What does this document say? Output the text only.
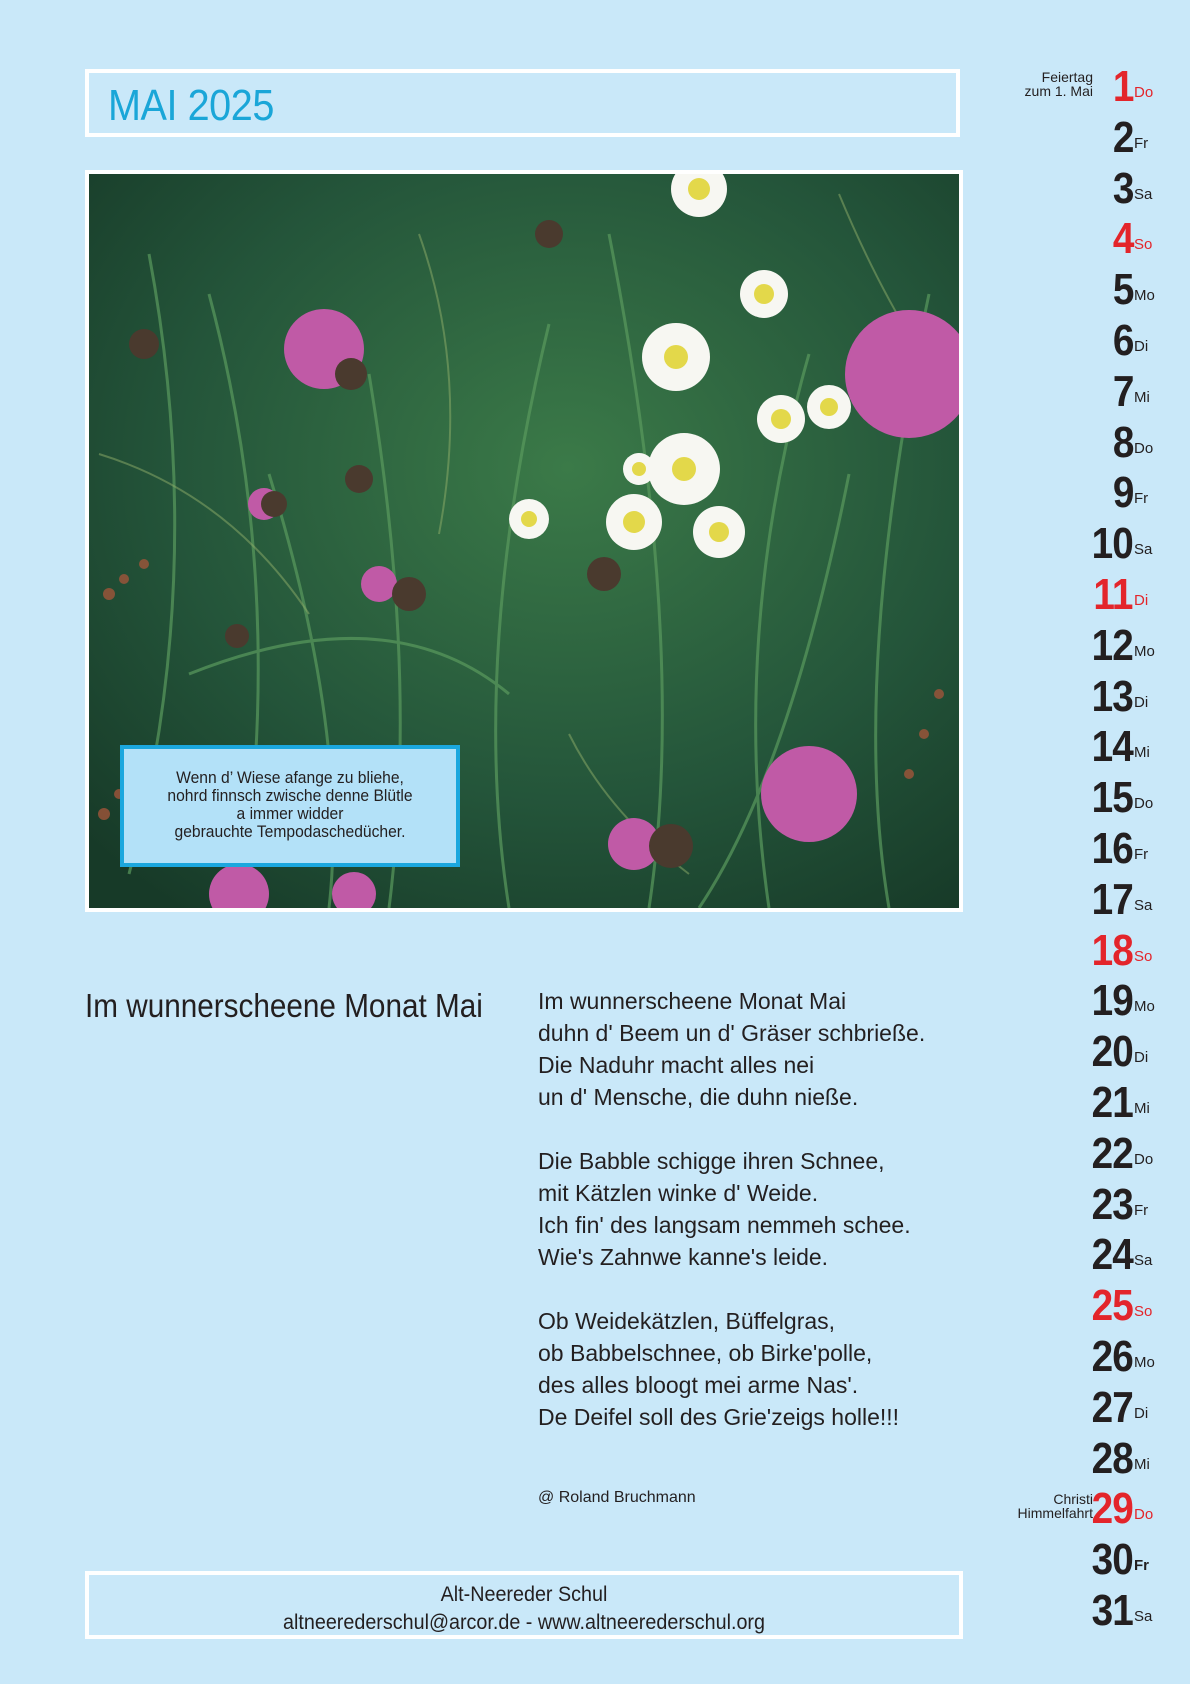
MAI 2025
Wenn d’ Wiese afange zu bliehe,
nohrd finnsch zwische denne Blütle
a immer widder
gebrauchte Tempodaschedücher.
Im wunnerscheene Monat Mai Im wunnerscheene Monat Mai
duhn d' Beem un d' Gräser schbrieße.
Die Naduhr macht alles nei
un d' Mensche, die duhn nieße.
Die Babble schigge ihren Schnee,
mit Kätzlen winke d' Weide.
Ich fin' des langsam nemmeh schee.
Wie's Zahnwe kanne's leide.
Ob Weidekätzlen, Büffelgras,
ob Babbelschnee, ob Birke'polle,
des alles bloogt mei arme Nas'.
De Deifel soll des Grie'zeigs holle!!!
@ Roland Bruchmann
Alt-Neereder Schul
altneerederschul@arcor.de - www.altneerederschul.org
1 Do
Feiertag
zum 1. Mai
2 Fr
3 Sa
4 So
5 Mo
6 Di
7 Mi
8 Do
9 Fr
10 Sa
11 Di
12 Mo
13 Di
14 Mi
15 Do
16 Fr
17 Sa
18 So
19 Mo
20 Di
21 Mi
22 Do
23 Fr
24 Sa
25 So
26 Mo
27 Di
28 Mi
29 Do
Christi
Himmelfahrt
30 Fr
31 Sa
